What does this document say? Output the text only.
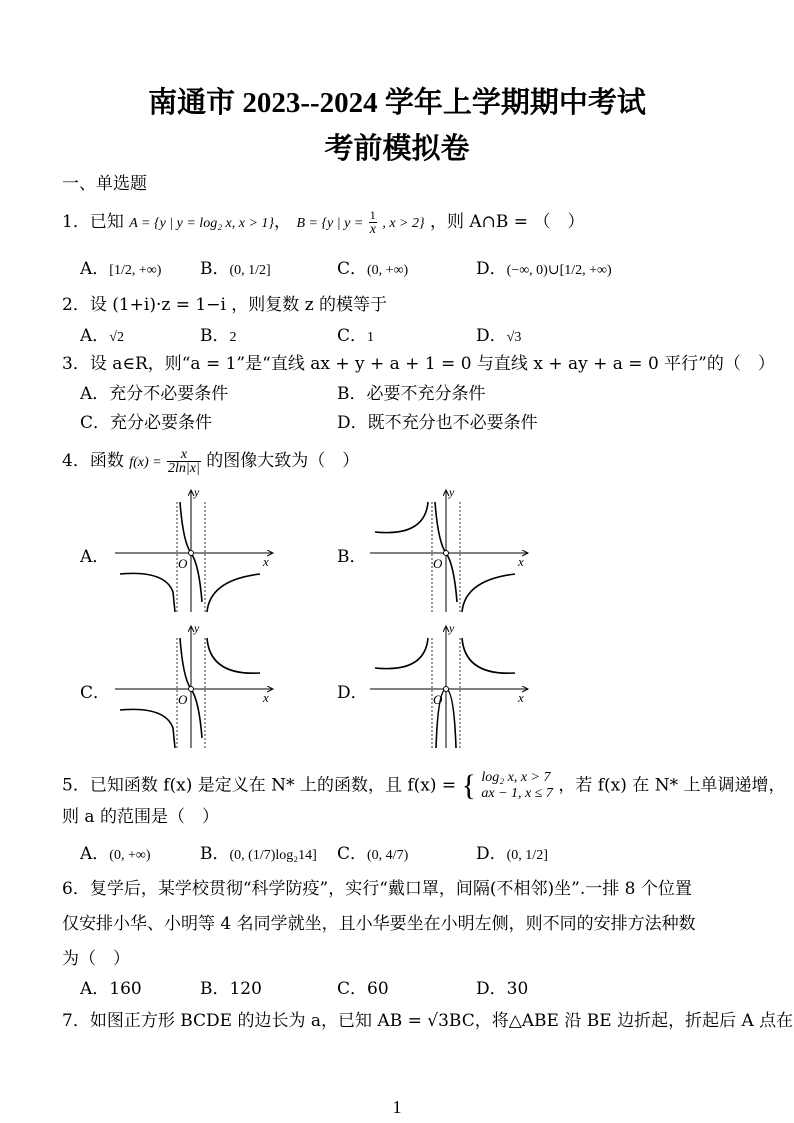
南通市 2023--2024 学年上学期期中考试
考前模拟卷
一、单选题
1．已知 A = {y | y = log₂ x, x > 1}， B = {y | $y = \frac{1}{x}$ , x > 2} ，则 A∩B = （　）
A．[1/2, +∞) B．(0, 1/2]	C．(0, +∞)	D．(−∞, 0)∪[1/2, +∞)
2．设 (1+i)·z = 1−i ，则复数 z 的模等于
A．√2	B．2	C．1	D．√3
3．设 a∈R，则“a = 1”是“直线 ax + y + a + 1 = 0 与直线 x + ay + a = 0 平行”的（　）
A．充分不必要条件	B．必要不充分条件
C．充分必要条件	D．既不充分也不必要条件
4．函数 $f(x) = \frac{x}{2\ln|x|}$ 的图像大致为（　）
A．	B．
C．	D．
y
x
O
y
x
O
y
x
O
y
x
O
5．已知函数 f(x) 是定义在 N* 上的函数，且 f(x) = { log₂ x, x > 7
ax − 1, x ≤ 7 ，若 f(x) 在 N* 上单调递增，
则 a 的范围是（　）
A．(0, +∞)	B．(0, (1/7)log₂14] C．(0, 4/7)	D．(0, 1/2]
6．复学后，某学校贯彻“科学防疫”，实行“戴口罩，间隔(不相邻)坐”.一排 8 个位置
仅安排小华、小明等 4 名同学就坐，且小华要坐在小明左侧，则不同的安排方法种数
为（　）
A．160	B．120	C．60	D．30
7．如图正方形 BCDE 的边长为 a，已知 AB = √3BC，将△ABE 沿 BE 边折起，折起后 A 点在
1
